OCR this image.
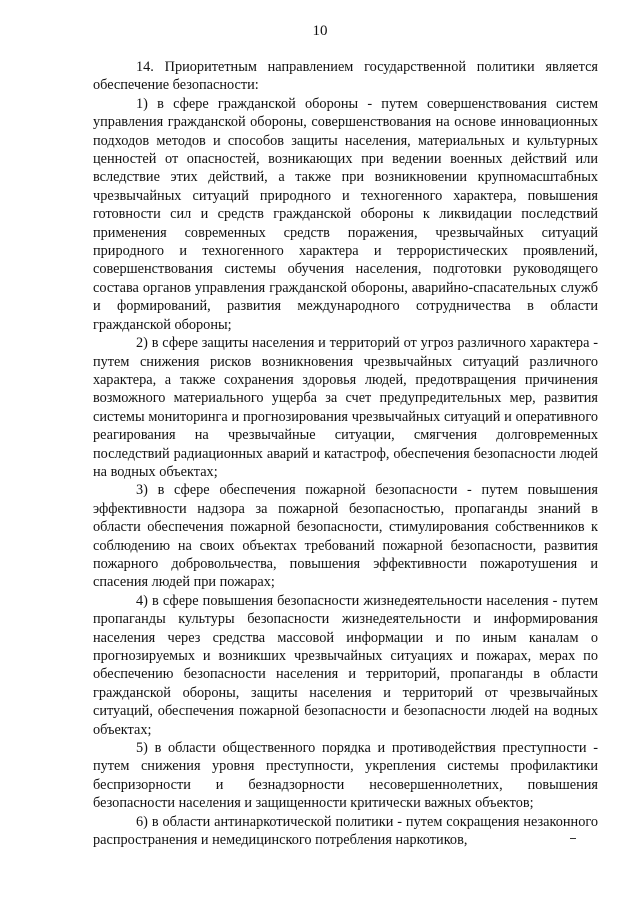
10

14. Приоритетным направлением государственной политики является обеспечение безопасности:

1) в сфере гражданской обороны - путем совершенствования систем управления гражданской обороны, совершенствования на основе инновационных подходов методов и способов защиты населения, материальных и культурных ценностей от опасностей, возникающих при ведении военных действий или вследствие этих действий, а также при возникновении крупномасштабных чрезвычайных ситуаций природного и техногенного характера, повышения готовности сил и средств гражданской обороны к ликвидации последствий применения современных средств поражения, чрезвычайных ситуаций природного и техногенного характера и террористических проявлений, совершенствования системы обучения населения, подготовки руководящего состава органов управления гражданской обороны, аварийно-спасательных служб и формирований, развития международного сотрудничества в области гражданской обороны;

2) в сфере защиты населения и территорий от угроз различного характера - путем снижения рисков возникновения чрезвычайных ситуаций различного характера, а также сохранения здоровья людей, предотвращения причинения возможного материального ущерба за счет предупредительных мер, развития системы мониторинга и прогнозирования чрезвычайных ситуаций и оперативного реагирования на чрезвычайные ситуации, смягчения долговременных последствий радиационных аварий и катастроф, обеспечения безопасности людей на водных объектах;

3) в сфере обеспечения пожарной безопасности - путем повышения эффективности надзора за пожарной безопасностью, пропаганды знаний в области обеспечения пожарной безопасности, стимулирования собственников к соблюдению на своих объектах требований пожарной безопасности, развития пожарного добровольчества, повышения эффективности пожаротушения и спасения людей при пожарах;

4) в сфере повышения безопасности жизнедеятельности населения - путем пропаганды культуры безопасности жизнедеятельности и информирования населения через средства массовой информации и по иным каналам о прогнозируемых и возникших чрезвычайных ситуациях и пожарах, мерах по обеспечению безопасности населения и территорий, пропаганды в области гражданской обороны, защиты населения и территорий от чрезвычайных ситуаций, обеспечения пожарной безопасности и безопасности людей на водных объектах;

5) в области общественного порядка и противодействия преступности - путем снижения уровня преступности, укрепления системы профилактики беспризорности и безнадзорности несовершеннолетних, повышения безопасности населения и защищенности критически важных объектов;

6) в области антинаркотической политики - путем сокращения незаконного распространения и немедицинского потребления наркотиков,
